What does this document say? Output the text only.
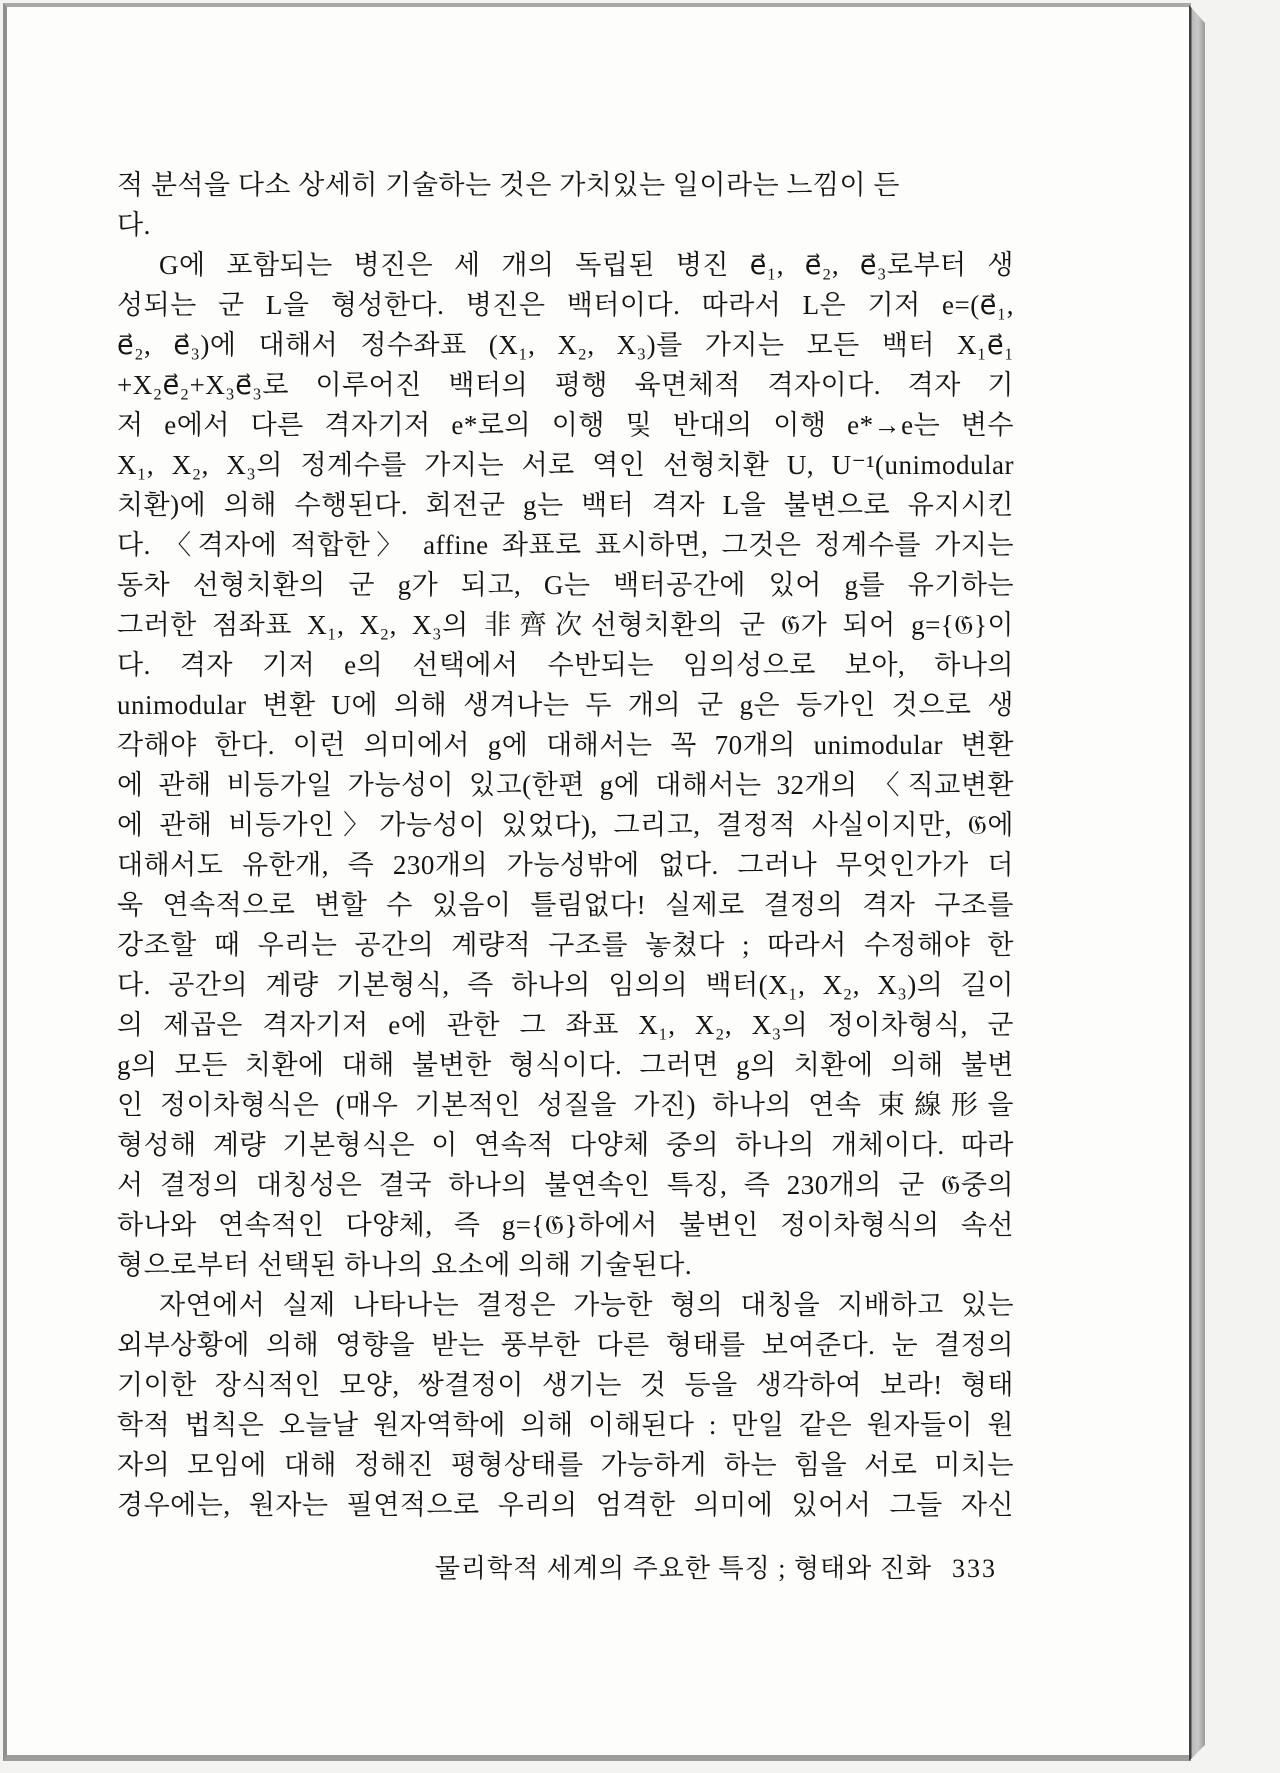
적 분석을 다소 상세히 기술하는 것은 가치있는 일이라는 느낌이 든
다.
G에 포함되는 병진은 세 개의 독립된 병진 e⃗₁, e⃗₂, e⃗₃로부터 생
성되는 군 L을 형성한다. 병진은 백터이다. 따라서 L은 기저 e=(e⃗₁,
e⃗₂, e⃗₃)에 대해서 정수좌표 (X₁, X₂, X₃)를 가지는 모든 백터 X₁e⃗₁
+X₂e⃗₂+X₃e⃗₃로 이루어진 백터의 평행 육면체적 격자이다. 격자 기
저 e에서 다른 격자기저 e*로의 이행 및 반대의 이행 e*→e는 변수
X₁, X₂, X₃의 정계수를 가지는 서로 역인 선형치환 U, U⁻¹(unimodular
치환)에 의해 수행된다. 회전군 g는 백터 격자 L을 불변으로 유지시킨
다. 〈격자에 적합한〉 affine 좌표로 표시하면, 그것은 정계수를 가지는
동차 선형치환의 군 g가 되고, G는 백터공간에 있어 g를 유기하는
그러한 점좌표 X₁, X₂, X₃의 非齊次선형치환의 군 𝔊가 되어 g={𝔊}이
다. 격자 기저 e의 선택에서 수반되는 임의성으로 보아, 하나의
unimodular 변환 U에 의해 생겨나는 두 개의 군 g은 등가인 것으로 생
각해야 한다. 이런 의미에서 g에 대해서는 꼭 70개의 unimodular 변환
에 관해 비등가일 가능성이 있고(한편 g에 대해서는 32개의 〈직교변환
에 관해 비등가인〉가능성이 있었다), 그리고, 결정적 사실이지만, 𝔊에
대해서도 유한개, 즉 230개의 가능성밖에 없다. 그러나 무엇인가가 더
욱 연속적으로 변할 수 있음이 틀림없다! 실제로 결정의 격자 구조를
강조할 때 우리는 공간의 계량적 구조를 놓쳤다 ; 따라서 수정해야 한
다. 공간의 계량 기본형식, 즉 하나의 임의의 백터(X₁, X₂, X₃)의 길이
의 제곱은 격자기저 e에 관한 그 좌표 X₁, X₂, X₃의 정이차형식, 군
g의 모든 치환에 대해 불변한 형식이다. 그러면 g의 치환에 의해 불변
인 정이차형식은 (매우 기본적인 성질을 가진) 하나의 연속 束線形을
형성해 계량 기본형식은 이 연속적 다양체 중의 하나의 개체이다. 따라
서 결정의 대칭성은 결국 하나의 불연속인 특징, 즉 230개의 군 𝔊중의
하나와 연속적인 다양체, 즉 g={𝔊}하에서 불변인 정이차형식의 속선
형으로부터 선택된 하나의 요소에 의해 기술된다.
자연에서 실제 나타나는 결정은 가능한 형의 대칭을 지배하고 있는
외부상황에 의해 영향을 받는 풍부한 다른 형태를 보여준다. 눈 결정의
기이한 장식적인 모양, 쌍결정이 생기는 것 등을 생각하여 보라! 형태
학적 법칙은 오늘날 원자역학에 의해 이해된다 : 만일 같은 원자들이 원
자의 모임에 대해 정해진 평형상태를 가능하게 하는 힘을 서로 미치는
경우에는, 원자는 필연적으로 우리의 엄격한 의미에 있어서 그들 자신
물리학적 세계의 주요한 특징 ; 형태와 진화 333
